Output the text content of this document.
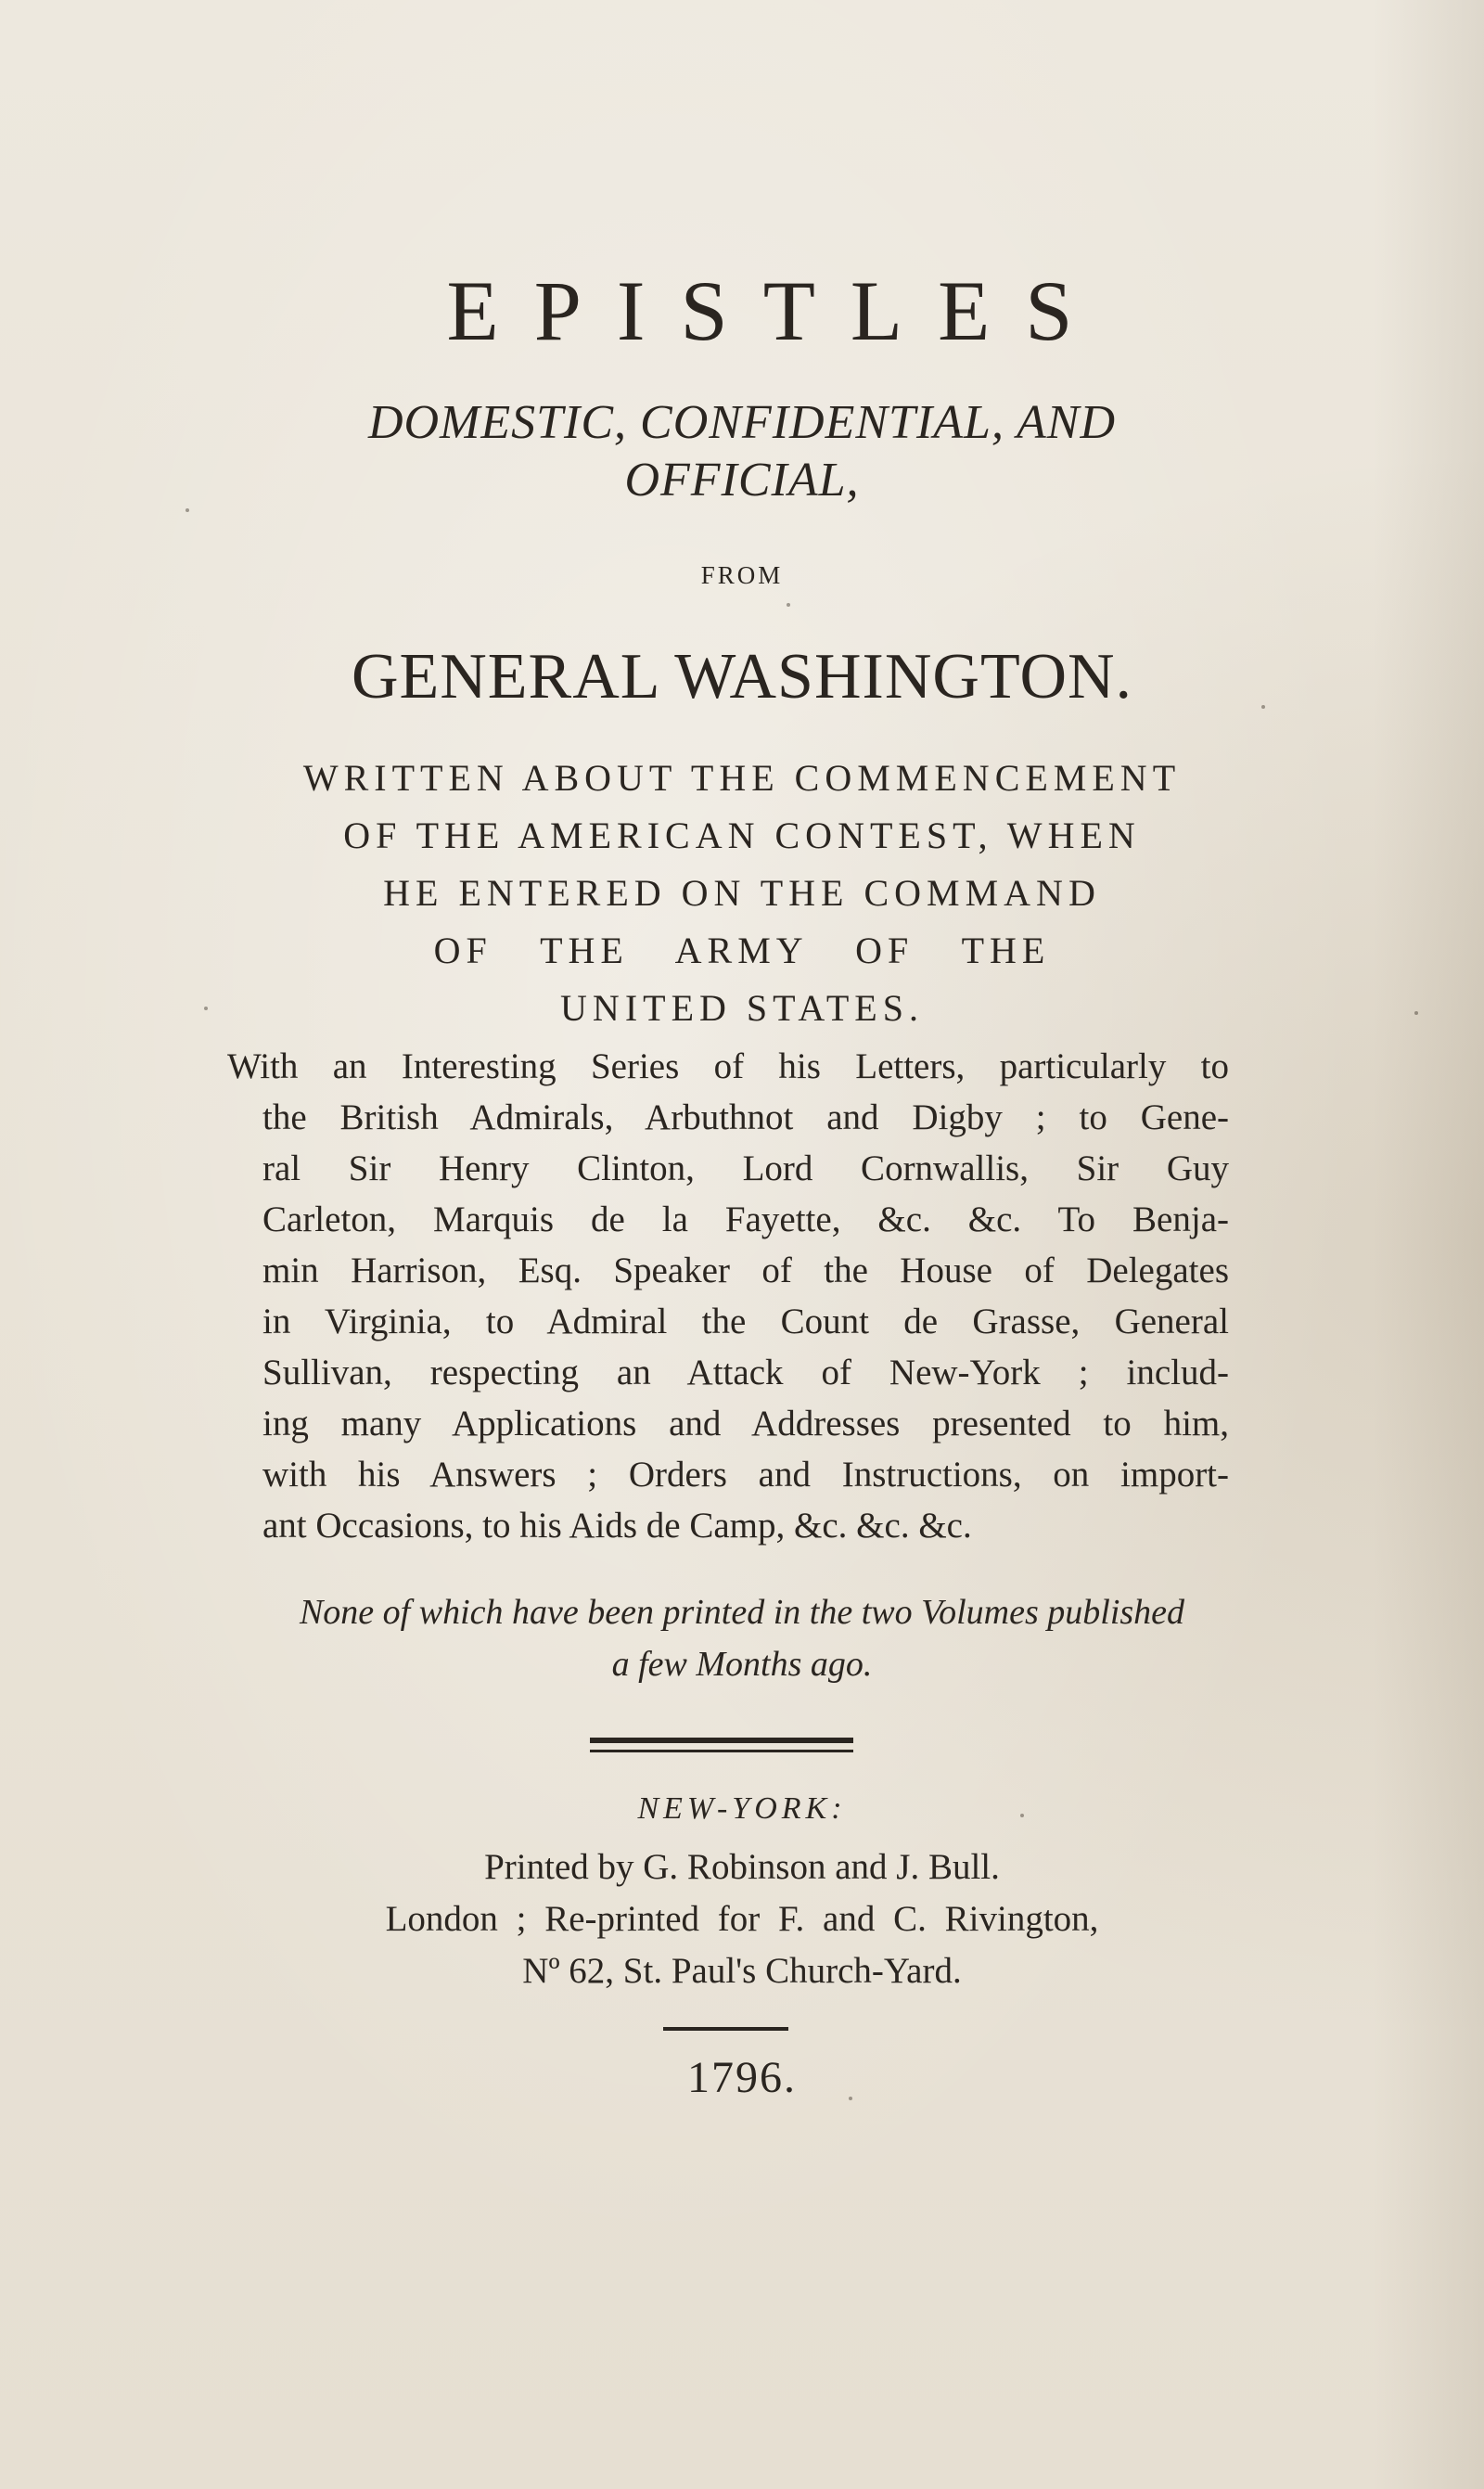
EPISTLES
DOMESTIC, CONFIDENTIAL, AND
OFFICIAL,
FROM
GENERAL WASHINGTON.
WRITTEN ABOUT THE COMMENCEMENT
OF THE AMERICAN CONTEST, WHEN
HE ENTERED ON THE COMMAND
OF THE ARMY OF THE
UNITED STATES.
With an Interesting Series of his Letters, particularly to
the British Admirals, Arbuthnot and Digby ; to Gene-
ral Sir Henry Clinton, Lord Cornwallis, Sir Guy
Carleton, Marquis de la Fayette, &c. &c. To Benja-
min Harrison, Esq. Speaker of the House of Delegates
in Virginia, to Admiral the Count de Grasse, General
Sullivan, respecting an Attack of New-York ; includ-
ing many Applications and Addresses presented to him,
with his Answers ; Orders and Instructions, on import-
ant Occasions, to his Aids de Camp, &c. &c. &c.
None of which have been printed in the two Volumes published
a few Months ago.
NEW-YORK:
Printed by G. Robinson and J. Bull.
London ; Re-printed for F. and C. Rivington,
Nº 62, St. Paul's Church-Yard.
1796.
